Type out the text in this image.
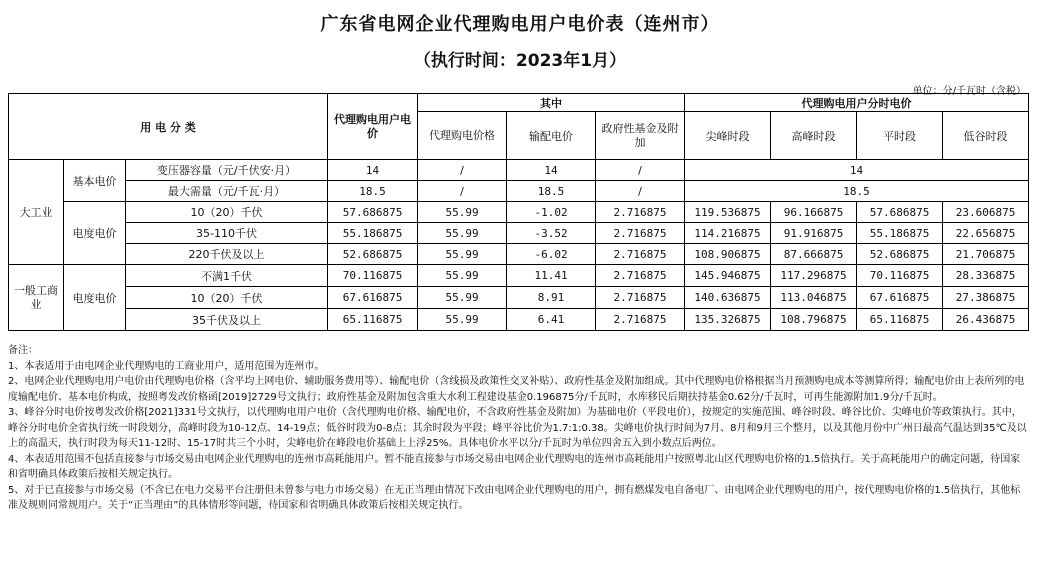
广东省电网企业代理购电用户电价表（连州市）
（执行时间：2023年1月）
单位：分/千瓦时（含税）
用 电 分 类			代理购电用户电价	其中			代理购电用户分时电价			
				代理购电价格	输配电价	政府性基金及附加	尖峰时段	高峰时段	平时段	低谷时段
大工业	基本电价	变压器容量（元/千伏安·月）	14	/	14	/	14			
		最大需量（元/千瓦·月）	18.5	/	18.5	/	18.5			
	电度电价	10（20）千伏	57.686875	55.99	-1.02	2.716875	119.536875	96.166875	57.686875	23.606875
		35-110千伏	55.186875	55.99	-3.52	2.716875	114.216875	91.916875	55.186875	22.656875
		220千伏及以上	52.686875	55.99	-6.02	2.716875	108.906875	87.666875	52.686875	21.706875
一般工商业	电度电价	不满1千伏	70.116875	55.99	11.41	2.716875	145.946875	117.296875	70.116875	28.336875
		10（20）千伏	67.616875	55.99	8.91	2.716875	140.636875	113.046875	67.616875	27.386875
		35千伏及以上	65.116875	55.99	6.41	2.716875	135.326875	108.796875	65.116875	26.436875
备注：
1、本表适用于由电网企业代理购电的工商业用户，适用范围为连州市。
2、电网企业代理购电用户电价由代理购电价格（含平均上网电价、辅助服务费用等）、输配电价（含线损及政策性交叉补贴）、政府性基金及附加组成。其中代理购电价格根据当月预测购电成本等测算所得；输配电价由上表所列的电度输配电价、基本电价构成，按照粤发改价格函[2019]2729号文执行；政府性基金及附加包含重大水利工程建设基金0.196875分/千瓦时，水库移民后期扶持基金0.62分/千瓦时，可再生能源附加1.9分/千瓦时。
3、峰谷分时电价按粤发改价格[2021]331号文执行，以代理购电用户电价（含代理购电价格、输配电价，不含政府性基金及附加）为基础电价（平段电价），按规定的实施范围、峰谷时段、峰谷比价、尖峰电价等政策执行。其中，峰谷分时电价全省执行统一时段划分，高峰时段为10-12点、14-19点；低谷时段为0-8点；其余时段为平段；峰平谷比价为1.7:1:0.38。尖峰电价执行时间为7月、8月和9月三个整月，以及其他月份中广州日最高气温达到35℃及以上的高温天，执行时段为每天11-12时、15-17时共三个小时，尖峰电价在峰段电价基础上上浮25%。具体电价水平以分/千瓦时为单位四舍五入到小数点后两位。
4、本表适用范围不包括直接参与市场交易由电网企业代理购电的连州市高耗能用户。暂不能直接参与市场交易由电网企业代理购电的连州市高耗能用户按照粤北山区代理购电价格的1.5倍执行。关于高耗能用户的确定问题，待国家和省明确具体政策后按相关规定执行。
5、对于已直接参与市场交易（不含已在电力交易平台注册但未曾参与电力市场交易）在无正当理由情况下改由电网企业代理购电的用户，拥有燃煤发电自备电厂、由电网企业代理购电的用户，按代理购电价格的1.5倍执行，其他标准及规则同常规用户。关于“正当理由”的具体情形等问题，待国家和省明确具体政策后按相关规定执行。
